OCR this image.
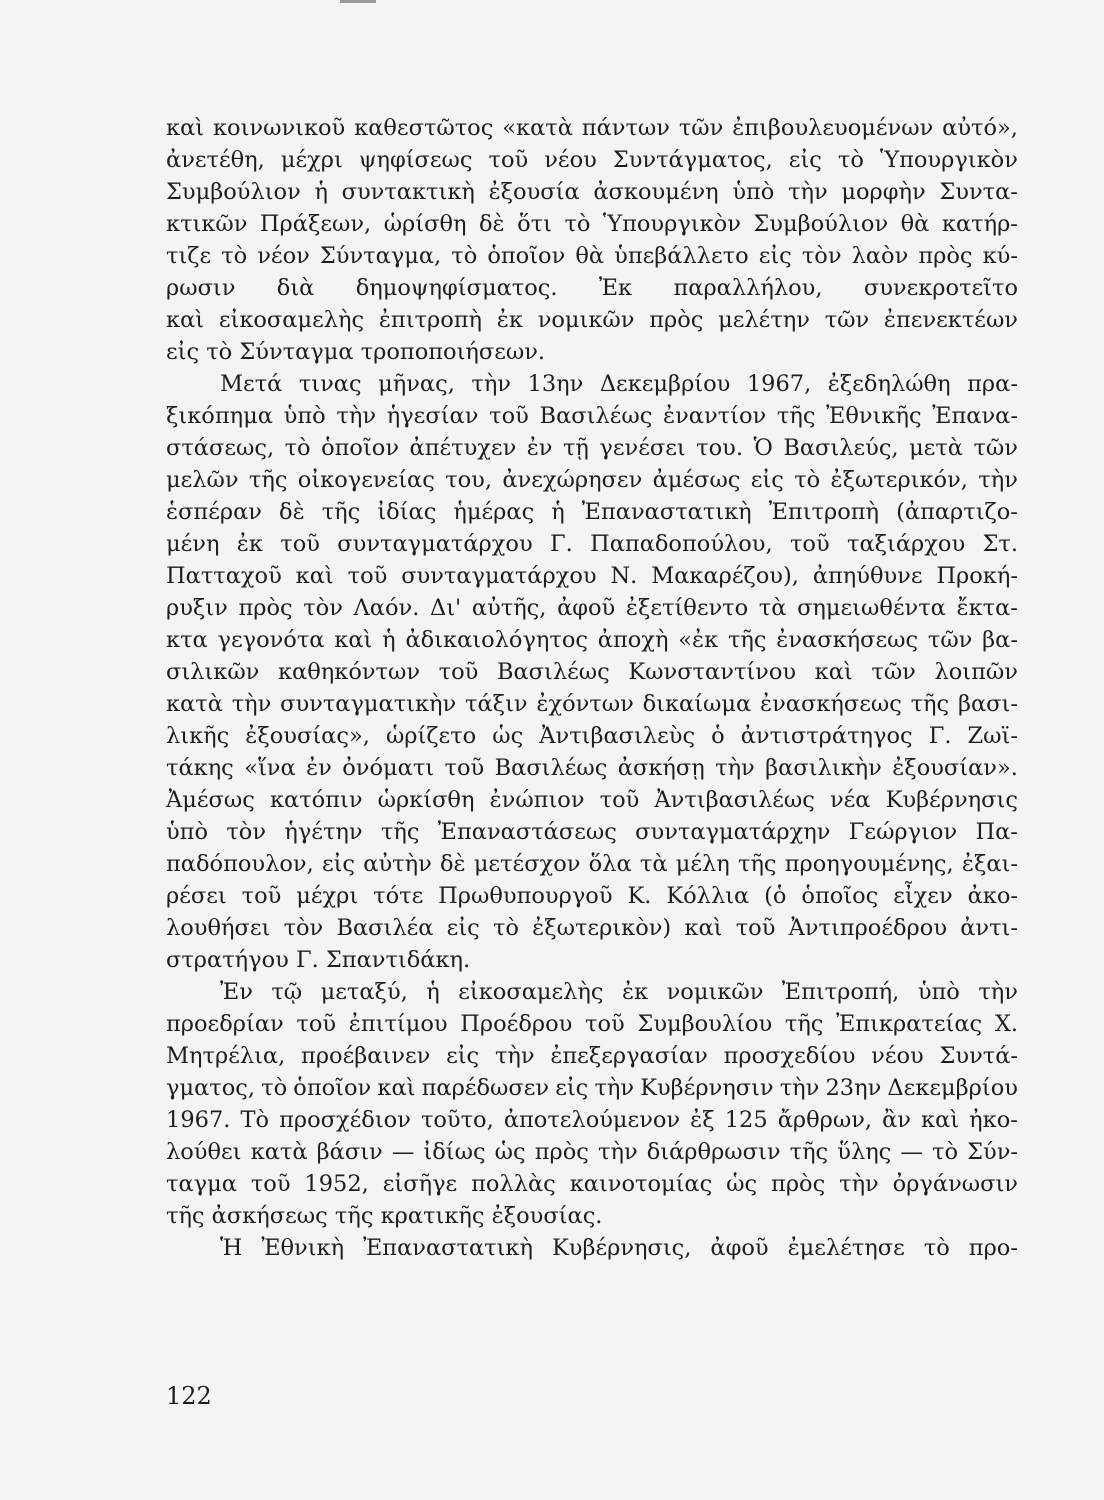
καὶ κοινωνικοῦ καθεστῶτος «κατὰ πάντων τῶν ἐπιβουλευομένων αὐτό»,
ἀνετέθη, μέχρι ψηφίσεως τοῦ νέου Συντάγματος, εἰς τὸ Ὑπουργικὸν
Συμβούλιον ἡ συντακτικὴ ἐξουσία ἀσκουμένη ὑπὸ τὴν μορφὴν Συντα-
κτικῶν Πράξεων, ὡρίσθη δὲ ὅτι τὸ Ὑπουργικὸν Συμβούλιον θὰ κατήρ-
τιζε τὸ νέον Σύνταγμα, τὸ ὁποῖον θὰ ὑπεβάλλετο εἰς τὸν λαὸν πρὸς κύ-
ρωσιν διὰ δημοψηφίσματος. Ἐκ παραλλήλου, συνεκροτεῖτο
καὶ εἰκοσαμελὴς ἐπιτροπὴ ἐκ νομικῶν πρὸς μελέτην τῶν ἐπενεκτέων
εἰς τὸ Σύνταγμα τροποποιήσεων.
Μετά τινας μῆνας, τὴν 13ην Δεκεμβρίου 1967, ἐξεδηλώθη πρα-
ξικόπημα ὑπὸ τὴν ἡγεσίαν τοῦ Βασιλέως ἐναντίον τῆς Ἐθνικῆς Ἐπανα-
στάσεως, τὸ ὁποῖον ἀπέτυχεν ἐν τῇ γενέσει του. Ὁ Βασιλεύς, μετὰ τῶν
μελῶν τῆς οἰκογενείας του, ἀνεχώρησεν ἀμέσως εἰς τὸ ἐξωτερικόν, τὴν
ἑσπέραν δὲ τῆς ἰδίας ἡμέρας ἡ Ἐπαναστατικὴ Ἐπιτροπὴ (ἀπαρτιζο-
μένη ἐκ τοῦ συνταγματάρχου Γ. Παπαδοπούλου, τοῦ ταξιάρχου Στ.
Πατταχοῦ καὶ τοῦ συνταγματάρχου Ν. Μακαρέζου), ἀπηύθυνε Προκή-
ρυξιν πρὸς τὸν Λαόν. Δι' αὐτῆς, ἀφοῦ ἐξετίθεντο τὰ σημειωθέντα ἔκτα-
κτα γεγονότα καὶ ἡ ἀδικαιολόγητος ἀποχὴ «ἐκ τῆς ἐνασκήσεως τῶν βα-
σιλικῶν καθηκόντων τοῦ Βασιλέως Κωνσταντίνου καὶ τῶν λοιπῶν
κατὰ τὴν συνταγματικὴν τάξιν ἐχόντων δικαίωμα ἐνασκήσεως τῆς βασι-
λικῆς ἐξουσίας», ὡρίζετο ὡς Ἀντιβασιλεὺς ὁ ἀντιστράτηγος Γ. Ζωϊ-
τάκης «ἵνα ἐν ὀνόματι τοῦ Βασιλέως ἀσκήσῃ τὴν βασιλικὴν ἐξουσίαν».
Ἀμέσως κατόπιν ὡρκίσθη ἐνώπιον τοῦ Ἀντιβασιλέως νέα Κυβέρνησις
ὑπὸ τὸν ἡγέτην τῆς Ἐπαναστάσεως συνταγματάρχην Γεώργιον Πα-
παδόπουλον, εἰς αὐτὴν δὲ μετέσχον ὅλα τὰ μέλη τῆς προηγουμένης, ἐξαι-
ρέσει τοῦ μέχρι τότε Πρωθυπουργοῦ Κ. Κόλλια (ὁ ὁποῖος εἶχεν ἀκο-
λουθήσει τὸν Βασιλέα εἰς τὸ ἐξωτερικὸν) καὶ τοῦ Ἀντιπροέδρου ἀντι-
στρατήγου Γ. Σπαντιδάκη.
Ἐν τῷ μεταξύ, ἡ εἰκοσαμελὴς ἐκ νομικῶν Ἐπιτροπή, ὑπὸ τὴν
προεδρίαν τοῦ ἐπιτίμου Προέδρου τοῦ Συμβουλίου τῆς Ἐπικρατείας Χ.
Μητρέλια, προέβαινεν εἰς τὴν ἐπεξεργασίαν προσχεδίου νέου Συντά-
γματος, τὸ ὁποῖον καὶ παρέδωσεν εἰς τὴν Κυβέρνησιν τὴν 23ην Δεκεμβρίου
1967. Τὸ προσχέδιον τοῦτο, ἀποτελούμενον ἐξ 125 ἄρθρων, ἂν καὶ ἠκο-
λούθει κατὰ βάσιν — ἰδίως ὡς πρὸς τὴν διάρθρωσιν τῆς ὕλης — τὸ Σύν-
ταγμα τοῦ 1952, εἰσῆγε πολλὰς καινοτομίας ὡς πρὸς τὴν ὀργάνωσιν
τῆς ἀσκήσεως τῆς κρατικῆς ἐξουσίας.
Ἡ Ἐθνικὴ Ἐπαναστατικὴ Κυβέρνησις, ἀφοῦ ἐμελέτησε τὸ προ-
122
